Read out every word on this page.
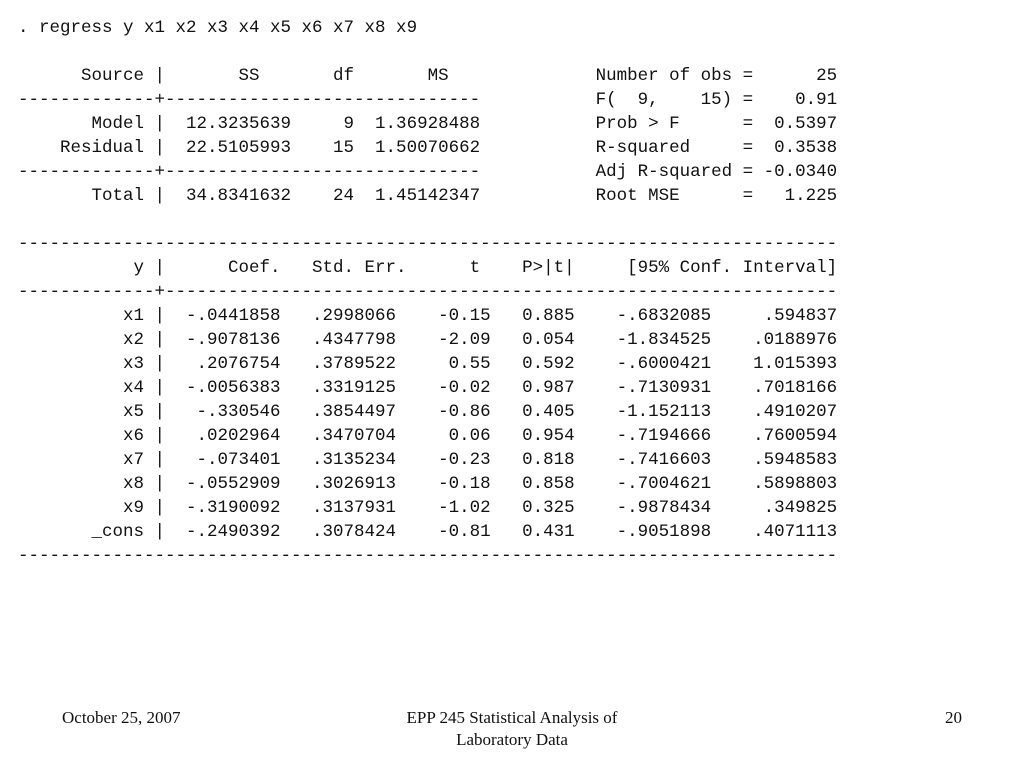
. regress y x1 x2 x3 x4 x5 x6 x7 x8 x9
Source |       SS       df       MS              Number of obs =      25
-------------+------------------------------           F(  9,    15) =    0.91
Model |  12.3235639     9  1.36928488           Prob > F      =  0.5397
Residual |  22.5105993    15  1.50070662           R-squared     =  0.3538
-------------+------------------------------           Adj R-squared = -0.0340
Total |  34.8341632    24  1.45142347           Root MSE      =   1.225
------------------------------------------------------------------------------
y |      Coef.   Std. Err.      t    P>|t|     [95% Conf. Interval]
-------------+----------------------------------------------------------------
x1 |  -.0441858   .2998066    -0.15   0.885    -.6832085     .594837
x2 |  -.9078136   .4347798    -2.09   0.054    -1.834525    .0188976
x3 |   .2076754   .3789522     0.55   0.592    -.6000421    1.015393
x4 |  -.0056383   .3319125    -0.02   0.987    -.7130931    .7018166
x5 |   -.330546   .3854497    -0.86   0.405    -1.152113    .4910207
x6 |   .0202964   .3470704     0.06   0.954    -.7194666    .7600594
x7 |   -.073401   .3135234    -0.23   0.818    -.7416603    .5948583
x8 |  -.0552909   .3026913    -0.18   0.858    -.7004621    .5898803
x9 |  -.3190092   .3137931    -1.02   0.325    -.9878434     .349825
_cons |  -.2490392   .3078424    -0.81   0.431    -.9051898    .4071113
------------------------------------------------------------------------------
October 25, 2007	EPP 245 Statistical Analysis of
Laboratory Data
20
